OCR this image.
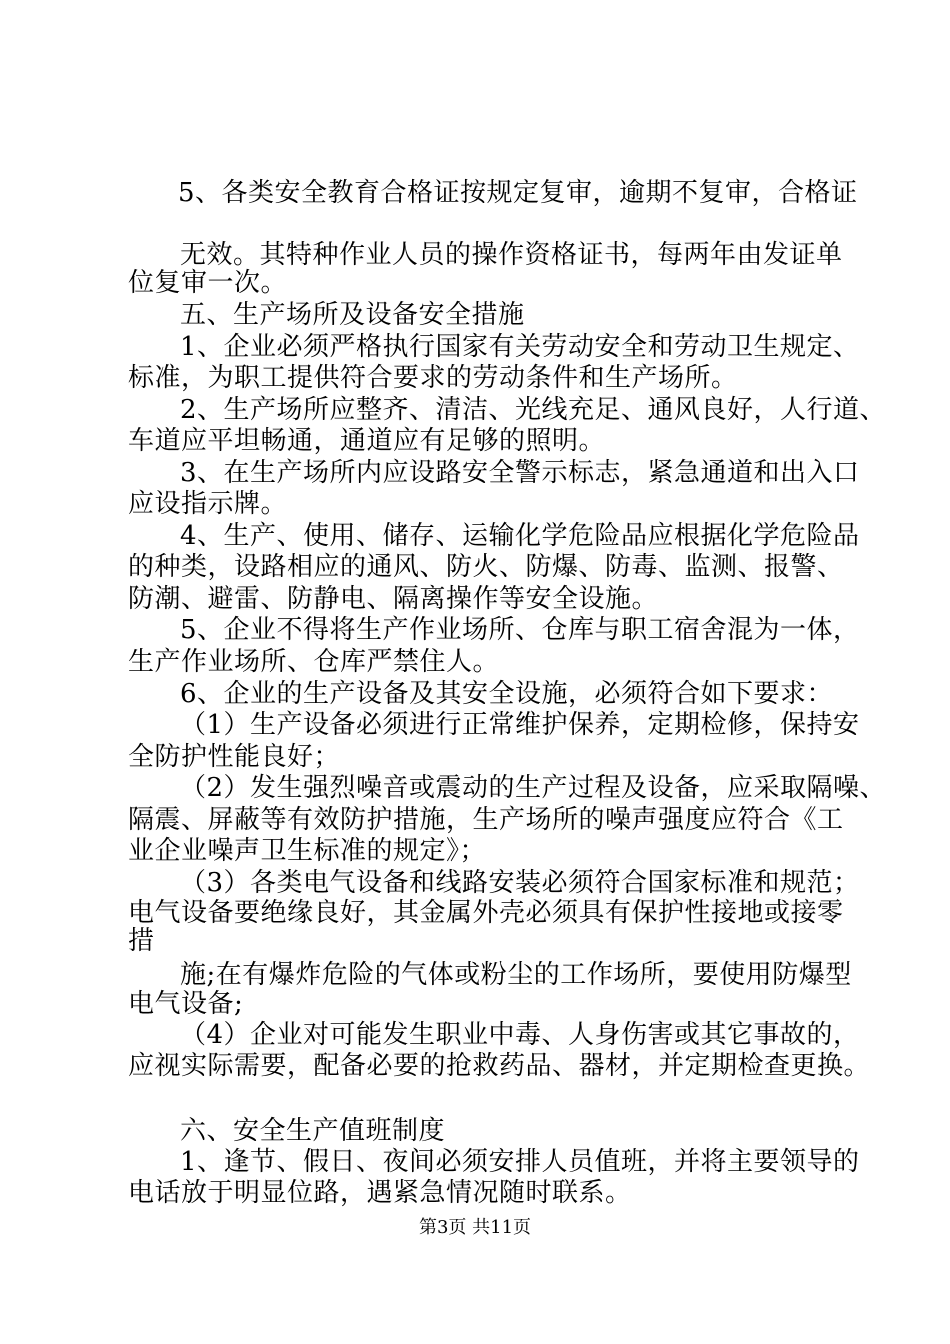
5、各类安全教育合格证按规定复审，逾期不复审，合格证
无效。其特种作业人员的操作资格证书，每两年由发证单
位复审一次。
五、生产场所及设备安全措施
1、企业必须严格执行国家有关劳动安全和劳动卫生规定、
标准，为职工提供符合要求的劳动条件和生产场所。
2、生产场所应整齐、清洁、光线充足、通风良好，人行道、
车道应平坦畅通，通道应有足够的照明。
3、在生产场所内应设路安全警示标志，紧急通道和出入口
应设指示牌。
4、生产、使用、储存、运输化学危险品应根据化学危险品
的种类，设路相应的通风、防火、防爆、防毒、监测、报警、
防潮、避雷、防静电、隔离操作等安全设施。
5、企业不得将生产作业场所、仓库与职工宿舍混为一体，
生产作业场所、仓库严禁住人。
6、企业的生产设备及其安全设施，必须符合如下要求：
（1）生产设备必须进行正常维护保养，定期检修，保持安
全防护性能良好；
（2）发生强烈噪音或震动的生产过程及设备，应采取隔噪、
隔震、屏蔽等有效防护措施，生产场所的噪声强度应符合《工
业企业噪声卫生标准的规定》；
（3）各类电气设备和线路安装必须符合国家标准和规范；
电气设备要绝缘良好，其金属外壳必须具有保护性接地或接零
措
施;在有爆炸危险的气体或粉尘的工作场所，要使用防爆型
电气设备;
（4）企业对可能发生职业中毒、人身伤害或其它事故的，
应视实际需要，配备必要的抢救药品、器材，并定期检查更换。
六、安全生产值班制度
1、逢节、假日、夜间必须安排人员值班，并将主要领导的
电话放于明显位路，遇紧急情况随时联系。
第3页 共11页
